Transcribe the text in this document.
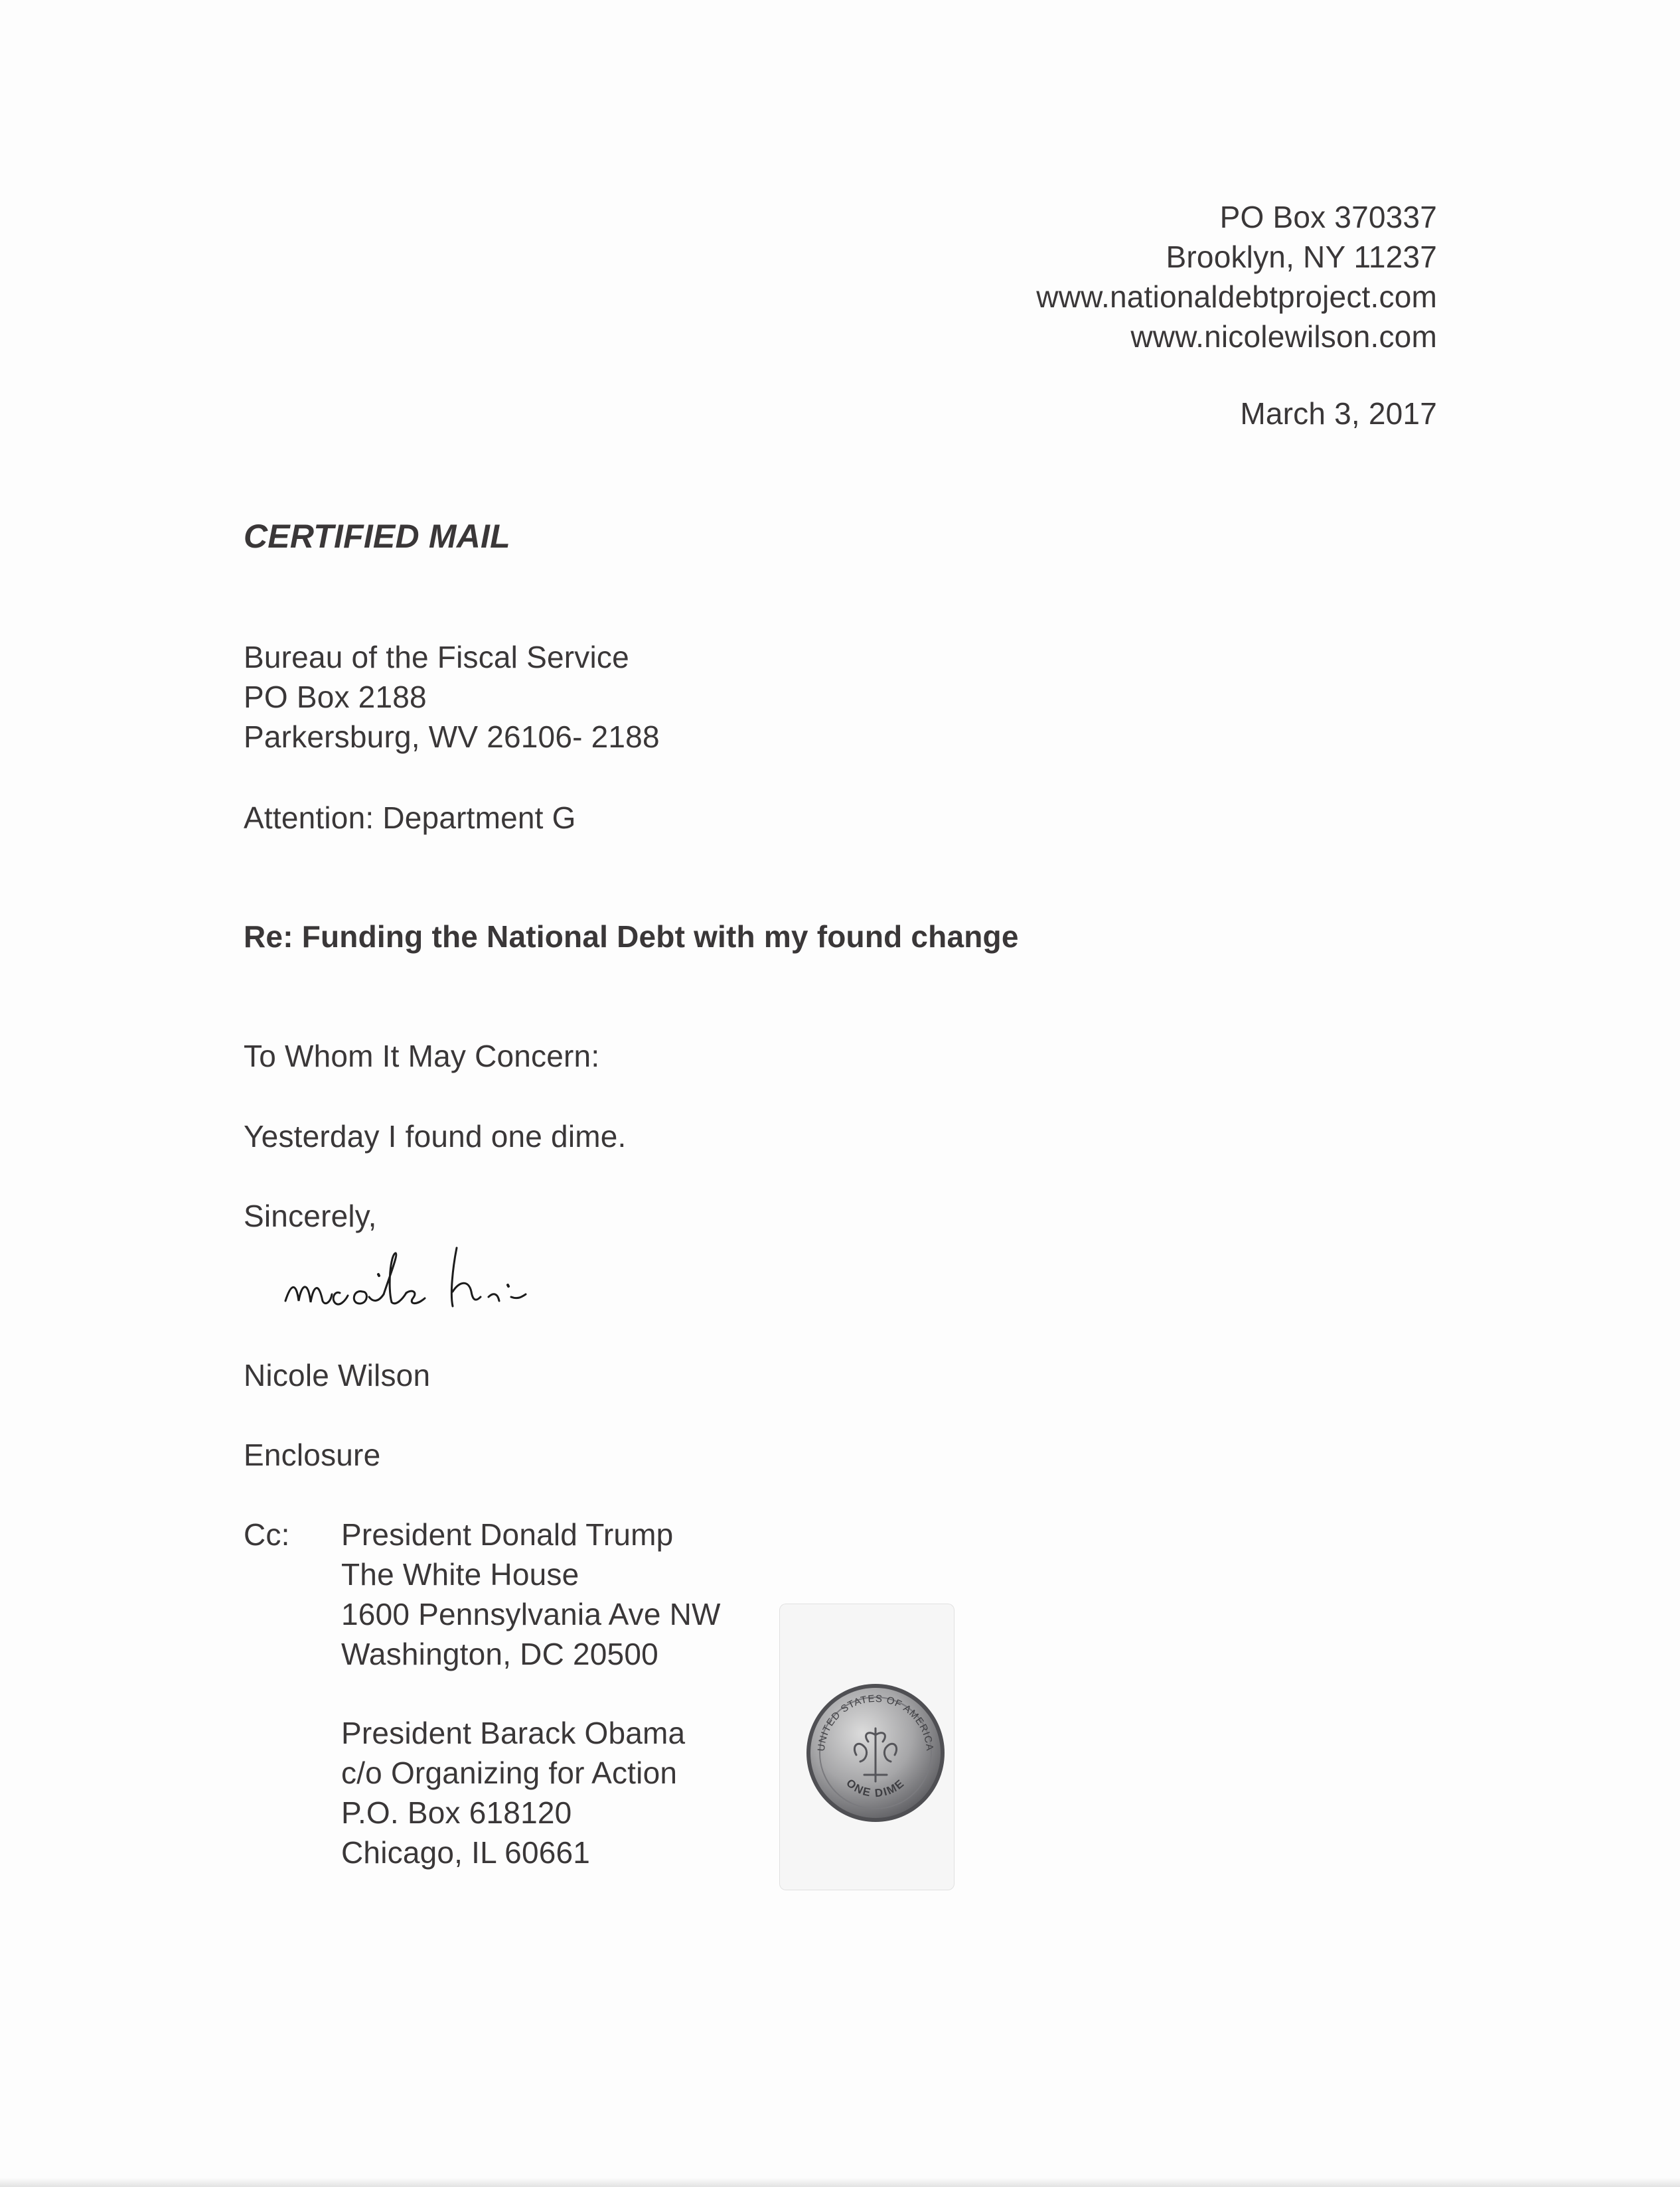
PO Box 370337
Brooklyn, NY 11237
www.nationaldebtproject.com
www.nicolewilson.com
March 3, 2017
CERTIFIED MAIL
Bureau of the Fiscal Service
PO Box 2188
Parkersburg, WV 26106- 2188
Attention: Department G
Re: Funding the National Debt with my found change
To Whom It May Concern:
Yesterday I found one dime.
Sincerely,
Nicole Wilson
Enclosure
Cc: President Donald Trump
The White House
1600 Pennsylvania Ave NW
Washington, DC 20500
President Barack Obama
c/o Organizing for Action
P.O. Box 618120
Chicago, IL 60661
UNITED STATES OF AMERICA
ONE DIME
